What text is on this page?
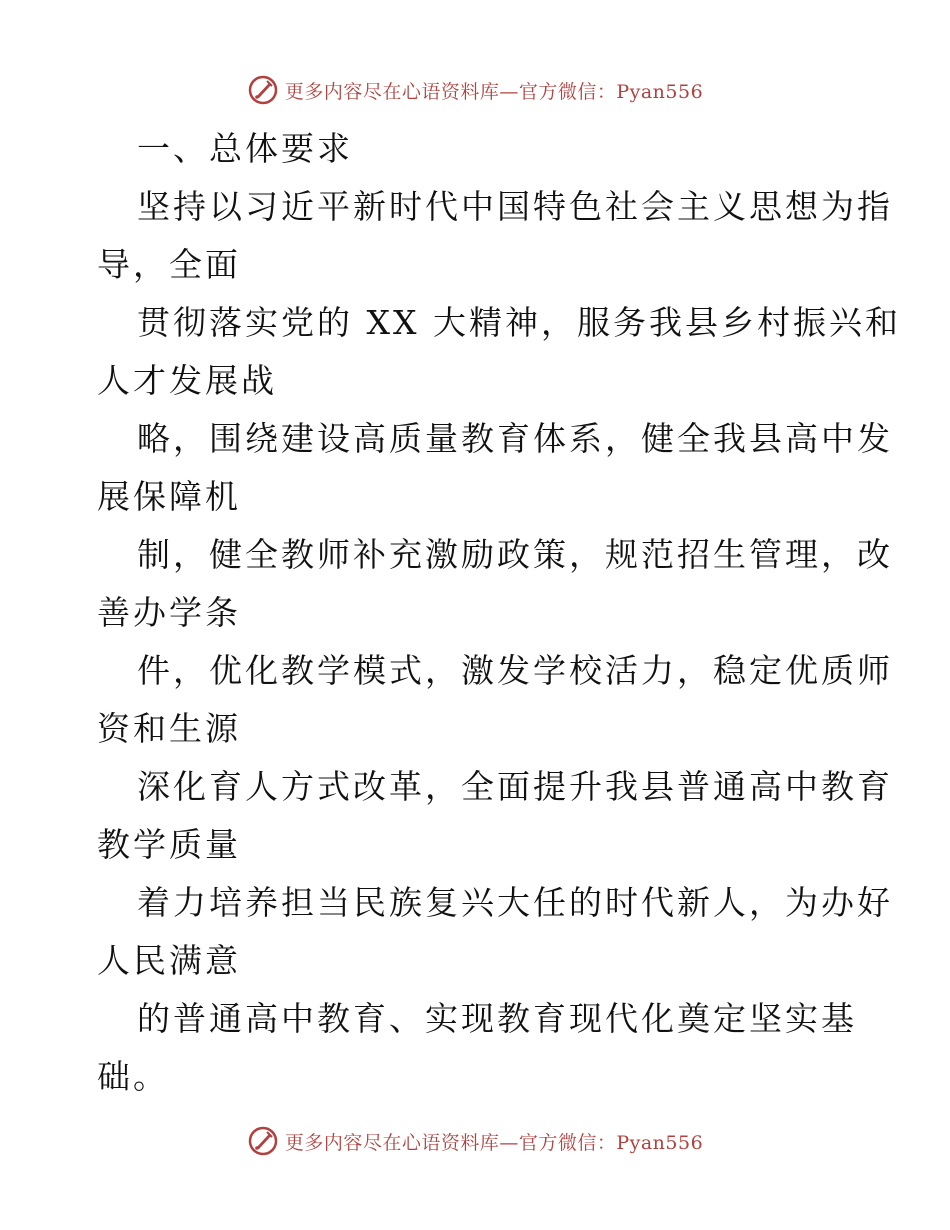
更多内容尽在心语资料库—官方微信：Pyan556
一、总体要求
坚持以习近平新时代中国特色社会主义思想为指
导，全面
贯彻落实党的 XX 大精神，服务我县乡村振兴和
人才发展战
略，围绕建设高质量教育体系，健全我县高中发
展保障机
制，健全教师补充激励政策，规范招生管理，改
善办学条
件，优化教学模式，激发学校活力，稳定优质师
资和生源
深化育人方式改革，全面提升我县普通高中教育
教学质量
着力培养担当民族复兴大任的时代新人，为办好
人民满意
的普通高中教育、实现教育现代化奠定坚实基
础。
更多内容尽在心语资料库—官方微信：Pyan556
